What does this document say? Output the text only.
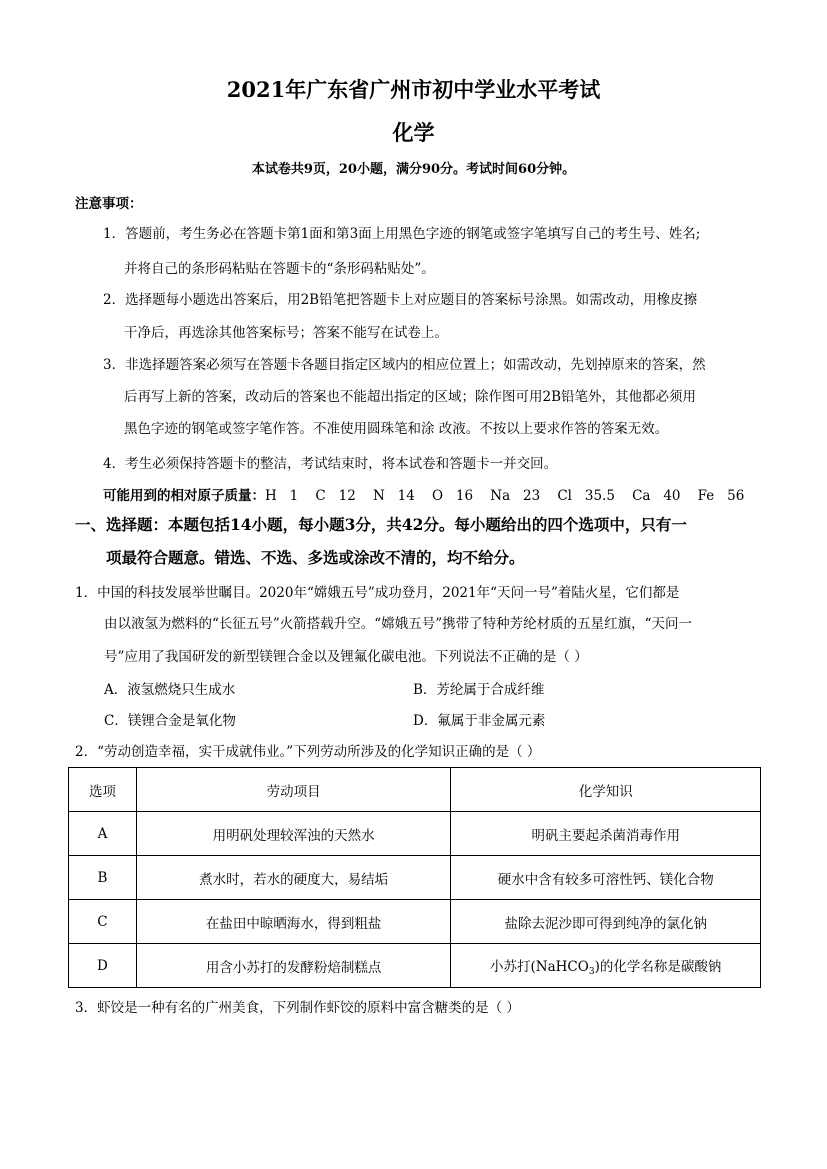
2021年广东省广州市初中学业水平考试
化学
本试卷共9页，20小题，满分90分。考试时间60分钟。
注意事项：
1．答题前，考生务必在答题卡第1面和第3面上用黑色字迹的钢笔或签字笔填写自己的考生号、姓名;
并将自己的条形码粘贴在答题卡的“条形码粘贴处”。
2．选择题每小题选出答案后，用2B铅笔把答题卡上对应题目的答案标号涂黑。如需改动，用橡皮擦
干净后，再选涂其他答案标号；答案不能写在试卷上。
3．非选择题答案必须写在答题卡各题目指定区域内的相应位置上；如需改动，先划掉原来的答案，然
后再写上新的答案，改动后的答案也不能超出指定的区域；除作图可用2B铅笔外，其他都必须用
黑色字迹的钢笔或签字笔作答。不准使用圆珠笔和涂 改液。不按以上要求作答的答案无效。
4．考生必须保持答题卡的整洁，考试结束时，将本试卷和答题卡一并交回。
可能用到的相对原子质量：H   1    C   12    N   14    O   16    Na   23    Cl   35.5    Ca   40    Fe   56
一、选择题：本题包括14小题，每小题3分，共42分。每小题给出的四个选项中，只有一
项最符合题意。错选、不选、多选或涂改不清的，均不给分。
1．中国的科技发展举世瞩目。2020年“嫦娥五号”成功登月，2021年“天问一号”着陆火星，它们都是
由以液氢为燃料的“长征五号”火箭搭载升空。“嫦娥五号”携带了特种芳纶材质的五星红旗，“天问一
号”应用了我国研发的新型镁锂合金以及锂氟化碳电池。下列说法不正确的是（ ）
A．液氢燃烧只生成水	B．芳纶属于合成纤维
C．镁锂合金是氧化物	D．氟属于非金属元素
2．“劳动创造幸福，实干成就伟业。”下列劳动所涉及的化学知识正确的是（ ）
选项	劳动项目	化学知识
A	用明矾处理较浑浊的天然水	明矾主要起杀菌消毒作用
B	煮水时，若水的硬度大，易结垢	硬水中含有较多可溶性钙、镁化合物
C	在盐田中晾晒海水，得到粗盐	盐除去泥沙即可得到纯净的氯化钠
D	用含小苏打的发酵粉焙制糕点	小苏打(NaHCO$_3$)的化学名称是碳酸钠
3．虾饺是一种有名的广州美食，下列制作虾饺的原料中富含糖类的是（ ）
